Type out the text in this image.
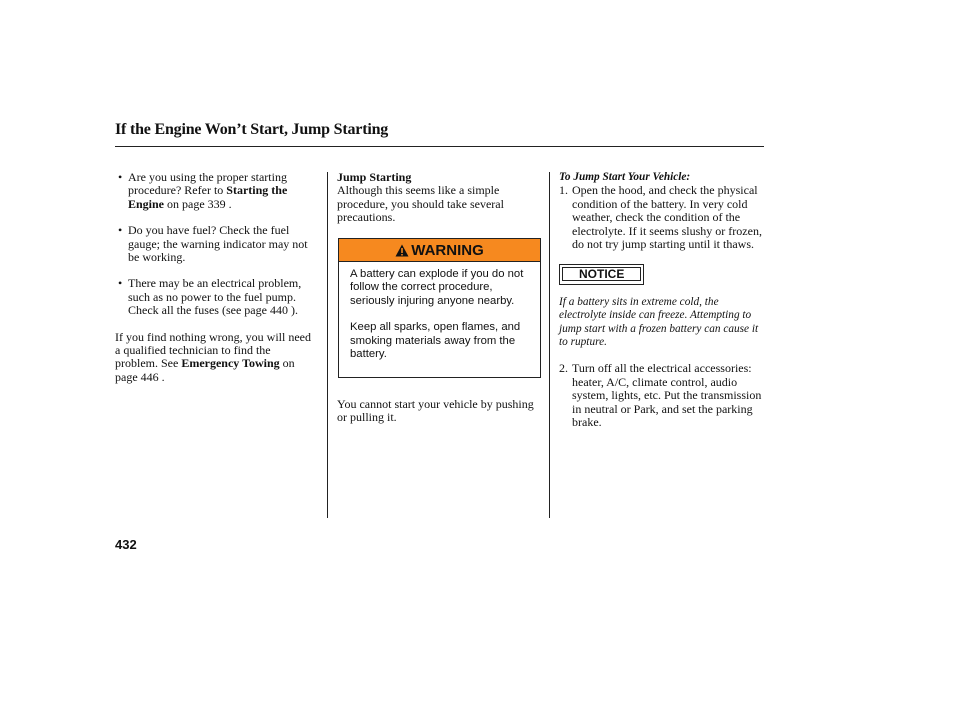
If the Engine Won’t Start, Jump Starting
• Are you using the proper starting procedure? Refer to Starting the Engine on page 339 .
• Do you have fuel? Check the fuel gauge; the warning indicator may not be working.
• There may be an electrical problem, such as no power to the fuel pump. Check all the fuses (see page 440 ).

If you find nothing wrong, you will need a qualified technician to find the problem. See Emergency Towing on page 446 .

Jump Starting

Although this seems like a simple procedure, you should take several precautions.

WARNING

A battery can explode if you do not follow the correct procedure, seriously injuring anyone nearby.

Keep all sparks, open flames, and smoking materials away from the battery.

You cannot start your vehicle by pushing or pulling it.

To Jump Start Your Vehicle:

1. Open the hood, and check the physical condition of the battery. In very cold weather, check the condition of the electrolyte. If it seems slushy or frozen, do not try jump starting until it thaws.
NOTICE

If a battery sits in extreme cold, the electrolyte inside can freeze. Attempting to jump start with a frozen battery can cause it to rupture.

2. Turn off all the electrical accessories: heater, A/C, climate control, audio system, lights, etc. Put the transmission in neutral or Park, and set the parking brake.
432
